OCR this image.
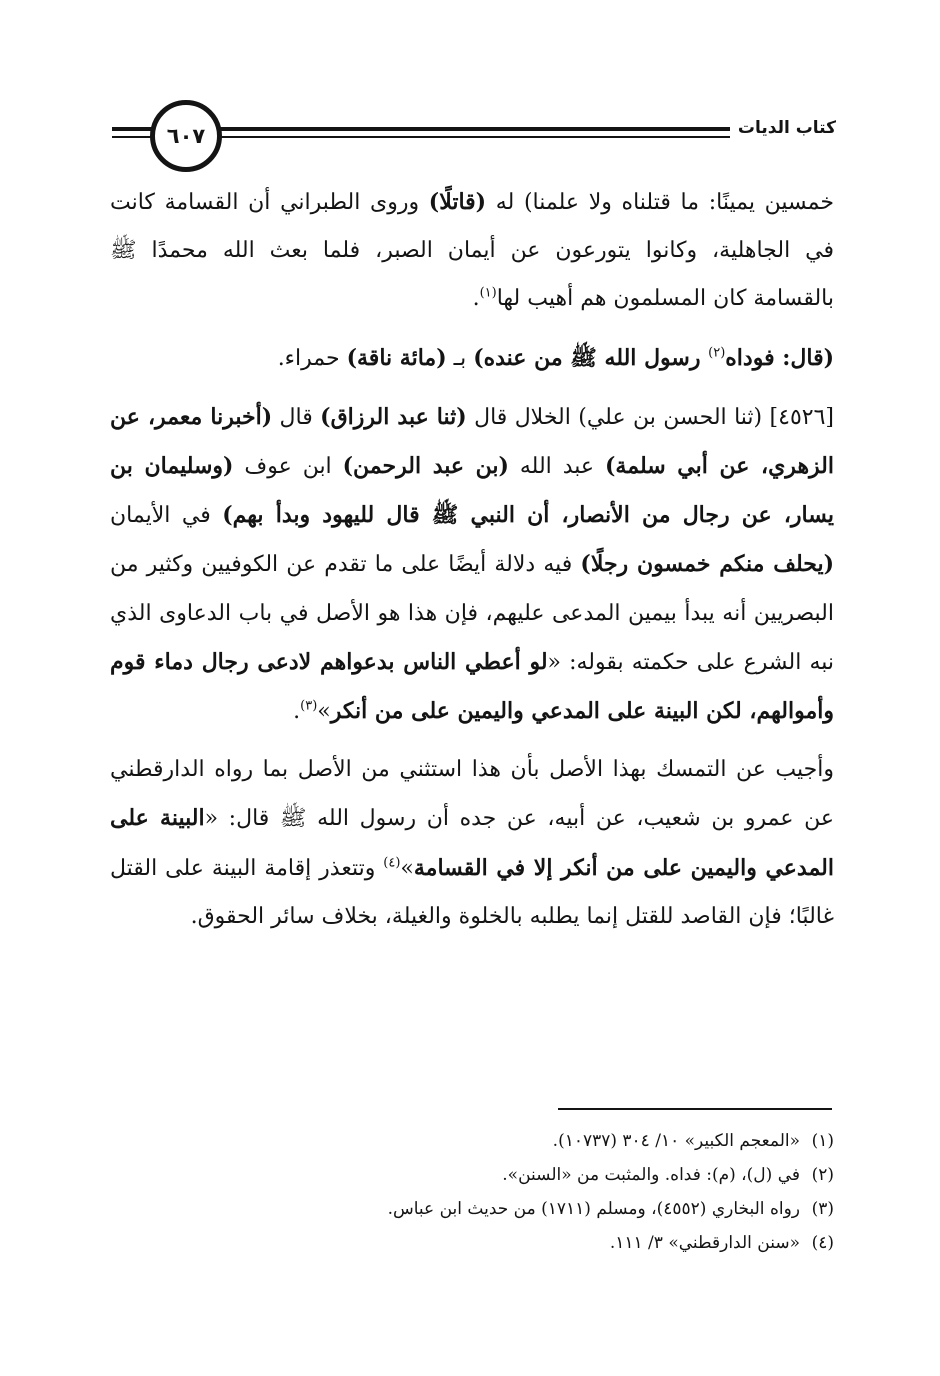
كتاب الديات
٦٠٧

خمسين يمينًا: ما قتلناه ولا علمنا) له (قاتلًا) وروى الطبراني أن القسامة كانت في الجاهلية، وكانوا يتورعون عن أيمان الصبر، فلما بعث الله محمدًا ﷺ بالقسامة كان المسلمون هم أهيب لها$^{(١)}$.

(قال: فوداه$^{(٢)}$ رسول الله ﷺ من عنده) بـ (مائة ناقة) حمراء.

[٤٥٢٦] (ثنا الحسن بن علي) الخلال قال (ثنا عبد الرزاق) قال (أخبرنا معمر، عن الزهري، عن أبي سلمة) عبد الله (بن عبد الرحمن) ابن عوف (وسليمان بن يسار، عن رجال من الأنصار، أن النبي ﷺ قال لليهود وبدأ بهم) في الأيمان (يحلف منكم خمسون رجلًا) فيه دلالة أيضًا على ما تقدم عن الكوفيين وكثير من البصريين أنه يبدأ بيمين المدعى عليهم، فإن هذا هو الأصل في باب الدعاوى الذي نبه الشرع على حكمته بقوله: «لو أعطي الناس بدعواهم لادعى رجال دماء قوم وأموالهم، لكن البينة على المدعي واليمين على من أنكر»$^{(٣)}$.

وأجيب عن التمسك بهذا الأصل بأن هذا استثني من الأصل بما رواه الدارقطني عن عمرو بن شعيب، عن أبيه، عن جده أن رسول الله ﷺ قال: «البينة على المدعي واليمين على من أنكر إلا في القسامة»$^{(٤)}$ وتتعذر إقامة البينة على القتل غالبًا؛ فإن القاصد للقتل إنما يطلبه بالخلوة والغيلة، بخلاف سائر الحقوق.

(١)«المعجم الكبير» ١٠/ ٣٠٤ (١٠٧٣٧).
(٢)في (ل)، (م): فداه. والمثبت من «السنن».
(٣)رواه البخاري (٤٥٥٢)، ومسلم (١٧١١) من حديث ابن عباس.
(٤)«سنن الدارقطني» ٣/ ١١١.
